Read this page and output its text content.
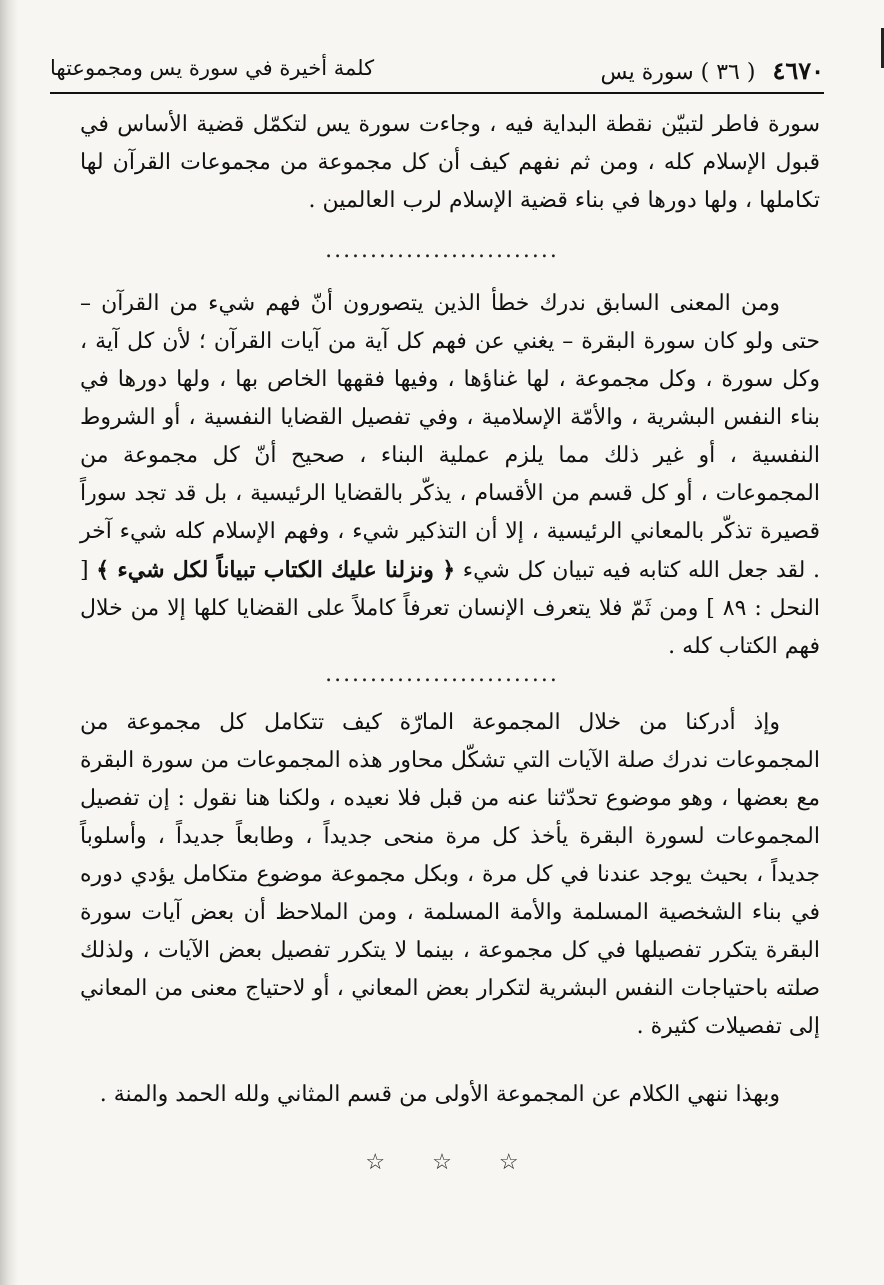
٤٦٧٠ ( ٣٦ ) سورة يس
كلمة أخيرة في سورة يس ومجموعتها

سورة فاطر لتبيّن نقطة البداية فيه ، وجاءت سورة يس لتكمّل قضية الأساس في قبول الإسلام كله ، ومن ثم نفهم كيف أن كل مجموعة من مجموعات القرآن لها تكاملها ، ولها دورها في بناء قضية الإسلام لرب العالمين .

..........................

ومن المعنى السابق ندرك خطأ الذين يتصورون أنّ فهم شيء من القرآن – حتى ولو كان سورة البقرة – يغني عن فهم كل آية من آيات القرآن ؛ لأن كل آية ، وكل سورة ، وكل مجموعة ، لها غناؤها ، وفيها فقهها الخاص بها ، ولها دورها في بناء النفس البشرية ، والأمّة الإسلامية ، وفي تفصيل القضايا النفسية ، أو الشروط النفسية ، أو غير ذلك مما يلزم عملية البناء ، صحيح أنّ كل مجموعة من المجموعات ، أو كل قسم من الأقسام ، يذكّر بالقضايا الرئيسية ، بل قد تجد سوراً قصيرة تذكّر بالمعاني الرئيسية ، إلا أن التذكير شيء ، وفهم الإسلام كله شيء آخر . لقد جعل الله كتابه فيه تبيان كل شيء ﴿ ونزلنا عليك الكتاب تبياناً لكل شيء ﴾ [ النحل : ٨٩ ] ومن ثَمّ فلا يتعرف الإنسان تعرفاً كاملاً على القضايا كلها إلا من خلال فهم الكتاب كله .

..........................

وإذ أدركنا من خلال المجموعة المارّة كيف تتكامل كل مجموعة من المجموعات ندرك صلة الآيات التي تشكّل محاور هذه المجموعات من سورة البقرة مع بعضها ، وهو موضوع تحدّثنا عنه من قبل فلا نعيده ، ولكنا هنا نقول : إن تفصيل المجموعات لسورة البقرة يأخذ كل مرة منحى جديداً ، وطابعاً جديداً ، وأسلوباً جديداً ، بحيث يوجد عندنا في كل مرة ، وبكل مجموعة موضوع متكامل يؤدي دوره في بناء الشخصية المسلمة والأمة المسلمة ، ومن الملاحظ أن بعض آيات سورة البقرة يتكرر تفصيلها في كل مجموعة ، بينما لا يتكرر تفصيل بعض الآيات ، ولذلك صلته باحتياجات النفس البشرية لتكرار بعض المعاني ، أو لاحتياج معنى من المعاني إلى تفصيلات كثيرة .

وبهذا ننهي الكلام عن المجموعة الأولى من قسم المثاني ولله الحمد والمنة .

☆ ☆ ☆
